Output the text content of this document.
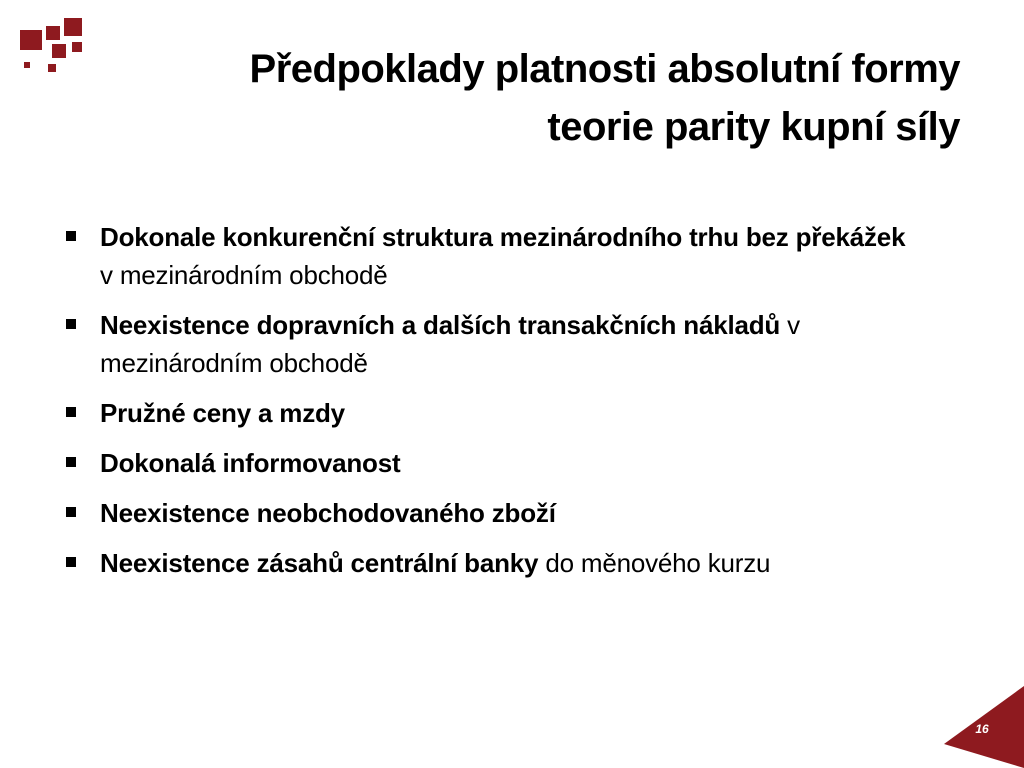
Předpoklady platnosti absolutní formy
teorie parity kupní síly
Dokonale konkurenční struktura mezinárodního trhu bez překážek v mezinárodním obchodě
Neexistence dopravních a dalších transakčních nákladů v mezinárodním obchodě
Pružné ceny a mzdy
Dokonalá informovanost
Neexistence neobchodovaného zboží
Neexistence zásahů centrální banky do měnového kurzu
16
